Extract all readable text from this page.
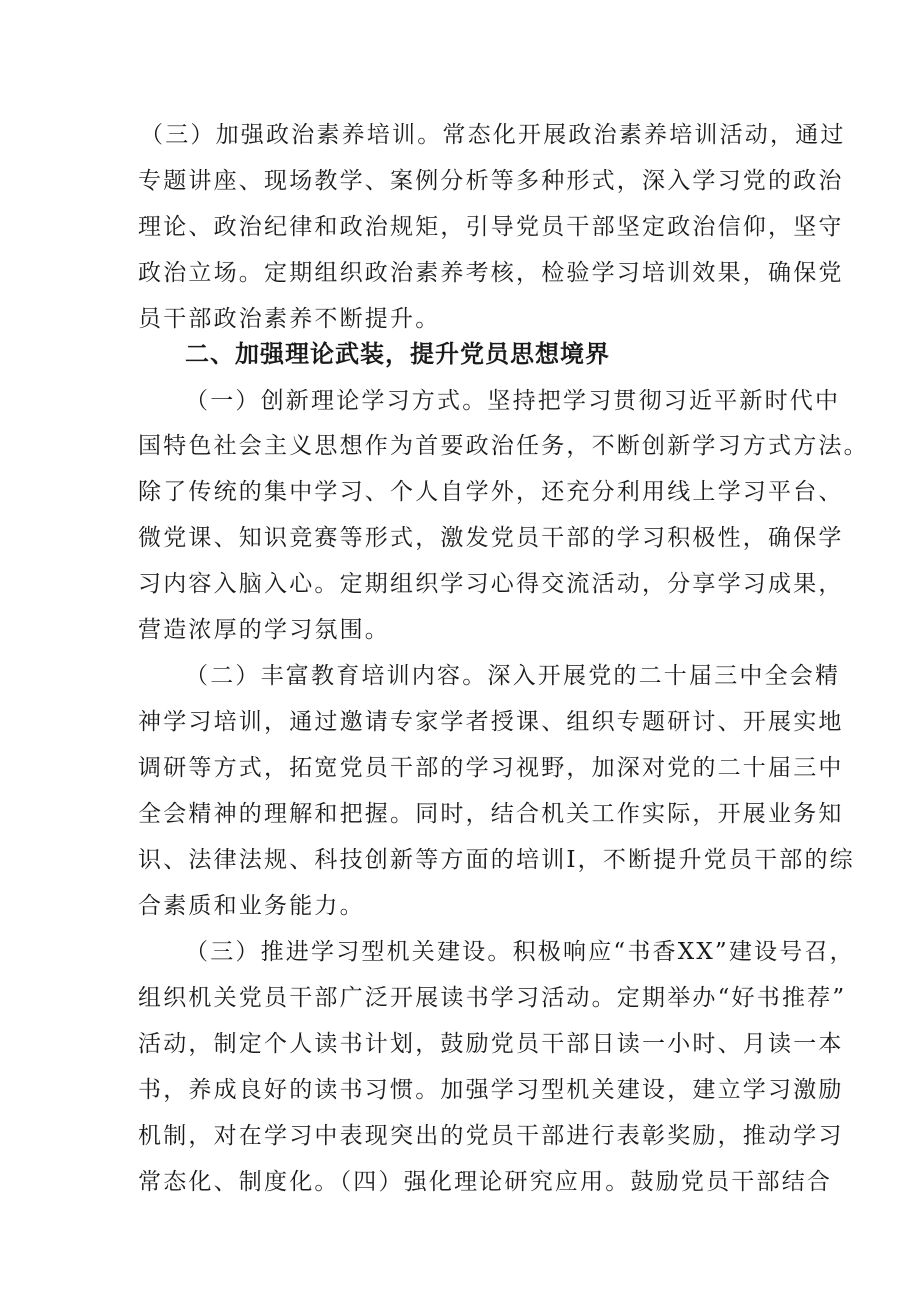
（三）加强政治素养培训。常态化开展政治素养培训活动，通过
专题讲座、现场教学、案例分析等多种形式，深入学习党的政治
理论、政治纪律和政治规矩，引导党员干部坚定政治信仰，坚守
政治立场。定期组织政治素养考核，检验学习培训效果，确保党
员干部政治素养不断提升。
二、加强理论武装，提升党员思想境界
（一）创新理论学习方式。坚持把学习贯彻习近平新时代中
国特色社会主义思想作为首要政治任务，不断创新学习方式方法。
除了传统的集中学习、个人自学外，还充分利用线上学习平台、
微党课、知识竞赛等形式，激发党员干部的学习积极性，确保学
习内容入脑入心。定期组织学习心得交流活动，分享学习成果，
营造浓厚的学习氛围。
（二）丰富教育培训内容。深入开展党的二十届三中全会精
神学习培训，通过邀请专家学者授课、组织专题研讨、开展实地
调研等方式，拓宽党员干部的学习视野，加深对党的二十届三中
全会精神的理解和把握。同时，结合机关工作实际，开展业务知
识、法律法规、科技创新等方面的培训I，不断提升党员干部的综
合素质和业务能力。
（三）推进学习型机关建设。积极响应“书香XX”建设号召，
组织机关党员干部广泛开展读书学习活动。定期举办“好书推荐”
活动，制定个人读书计划，鼓励党员干部日读一小时、月读一本
书，养成良好的读书习惯。加强学习型机关建设，建立学习激励
机制，对在学习中表现突出的党员干部进行表彰奖励，推动学习
常态化、制度化。（四）强化理论研究应用。鼓励党员干部结合
